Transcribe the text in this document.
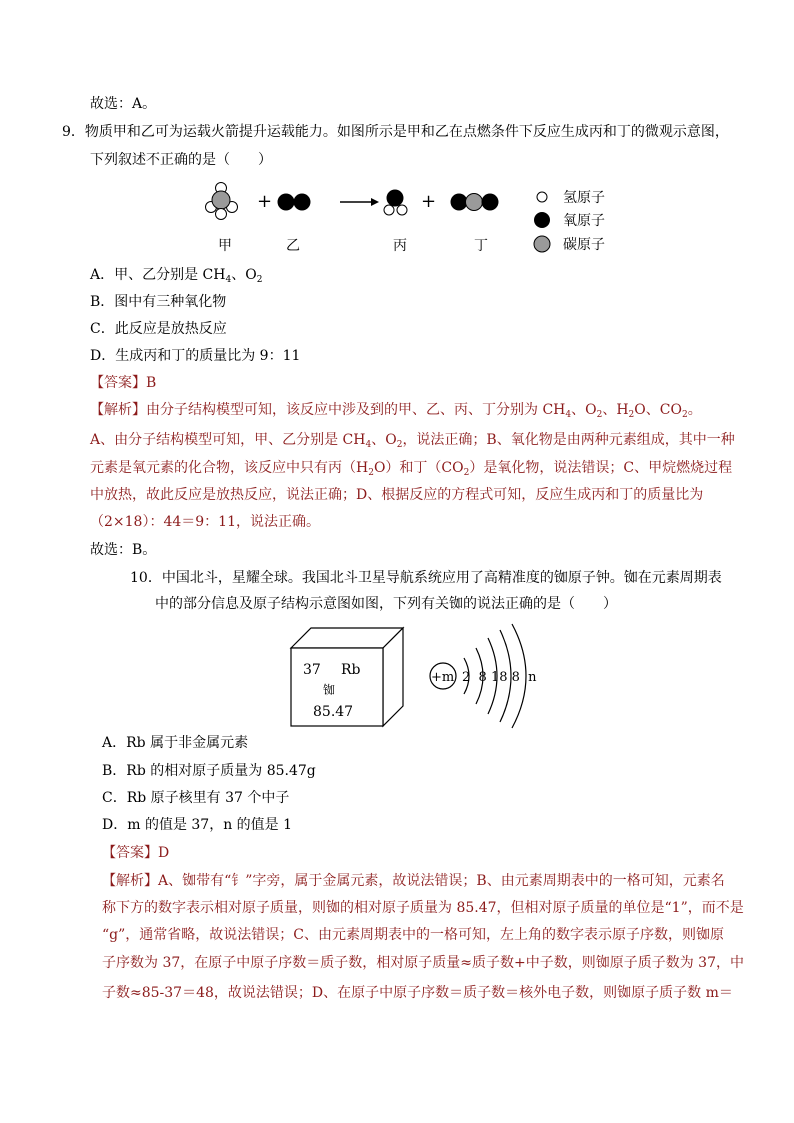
故选：A。
9．物质甲和乙可为运载火箭提升运载能力。如图所示是甲和乙在点燃条件下反应生成丙和丁的微观示意图，
下列叙述不正确的是（　　）
+	+
甲	乙	丙	丁
氢原子
氧原子
碳原子
A．甲、乙分别是 $CH_4$、$O_2$
B．图中有三种氧化物
C．此反应是放热反应
D．生成丙和丁的质量比为 9：11
【答案】B
【解析】由分子结构模型可知，该反应中涉及到的甲、乙、丙、丁分别为 $CH_4$、$O_2$、$H_2O$、$CO_2$。
A、由分子结构模型可知，甲、乙分别是 $CH_4$、$O_2$，说法正确；B、氧化物是由两种元素组成，其中一种
元素是氧元素的化合物，该反应中只有丙$(H_2O)$和丁$(CO_2)$是氧化物，说法错误；C、甲烷燃烧过程
中放热，故此反应是放热反应，说法正确；D、根据反应的方程式可知，反应生成丙和丁的质量比为
（2×18）：44＝9：11，说法正确。
故选：B。
10．中国北斗，星耀全球。我国北斗卫星导航系统应用了高精准度的铷原子钟。铷在元素周期表
中的部分信息及原子结构示意图如图，下列有关铷的说法正确的是（　　）
37 Rb
铷
85.47
+m 2  8 18 8  n
A．Rb 属于非金属元素
B．Rb 的相对原子质量为 85.47g
C．Rb 原子核里有 37 个中子
D．m 的值是 37，n 的值是 1
【答案】D
【解析】A、铷带有“钅”字旁，属于金属元素，故说法错误；B、由元素周期表中的一格可知，元素名
称下方的数字表示相对原子质量，则铷的相对原子质量为 85.47，但相对原子质量的单位是“1”，而不是
“g”，通常省略，故说法错误；C、由元素周期表中的一格可知，左上角的数字表示原子序数，则铷原
子序数为 37，在原子中原子序数＝质子数，相对原子质量≈质子数+中子数，则铷原子质子数为 37，中
子数≈85-37＝48，故说法错误；D、在原子中原子序数＝质子数＝核外电子数，则铷原子质子数 m＝
